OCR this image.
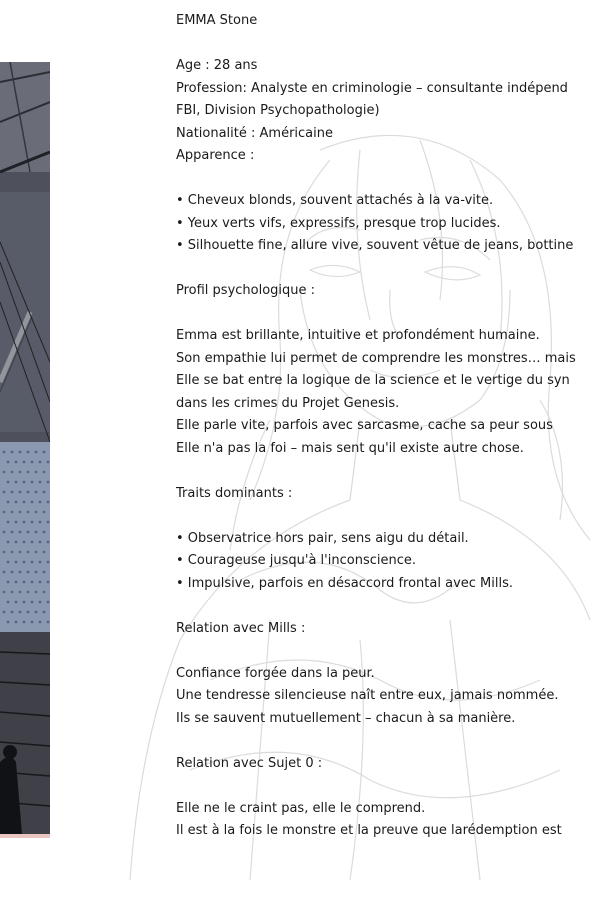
EMMA Stone
Age : 28 ans
Profession: Analyste en criminologie – consultante indépend
FBI, Division Psychopathologie)
Nationalité : Américaine
Apparence :
• Cheveux blonds, souvent attachés à la va-vite.
• Yeux verts vifs, expressifs, presque trop lucides.
• Silhouette fine, allure vive, souvent vêtue de jeans, bottine
Profil psychologique :
Emma est brillante, intuitive et profondément humaine.
Son empathie lui permet de comprendre les monstres… mais
Elle se bat entre la logique de la science et le vertige du syn
dans les crimes du Projet Genesis.
Elle parle vite, parfois avec sarcasme, cache sa peur sous
Elle n'a pas la foi – mais sent qu'il existe autre chose.
Traits dominants :
• Observatrice hors pair, sens aigu du détail.
• Courageuse jusqu'à l'inconscience.
• Impulsive, parfois en désaccord frontal avec Mills.
Relation avec Mills :
Confiance forgée dans la peur.
Une tendresse silencieuse naît entre eux, jamais nommée.
Ils se sauvent mutuellement – chacun à sa manière.
Relation avec Sujet 0 :
Elle ne le craint pas, elle le comprend.
Il est à la fois le monstre et la preuve que larédemption est
